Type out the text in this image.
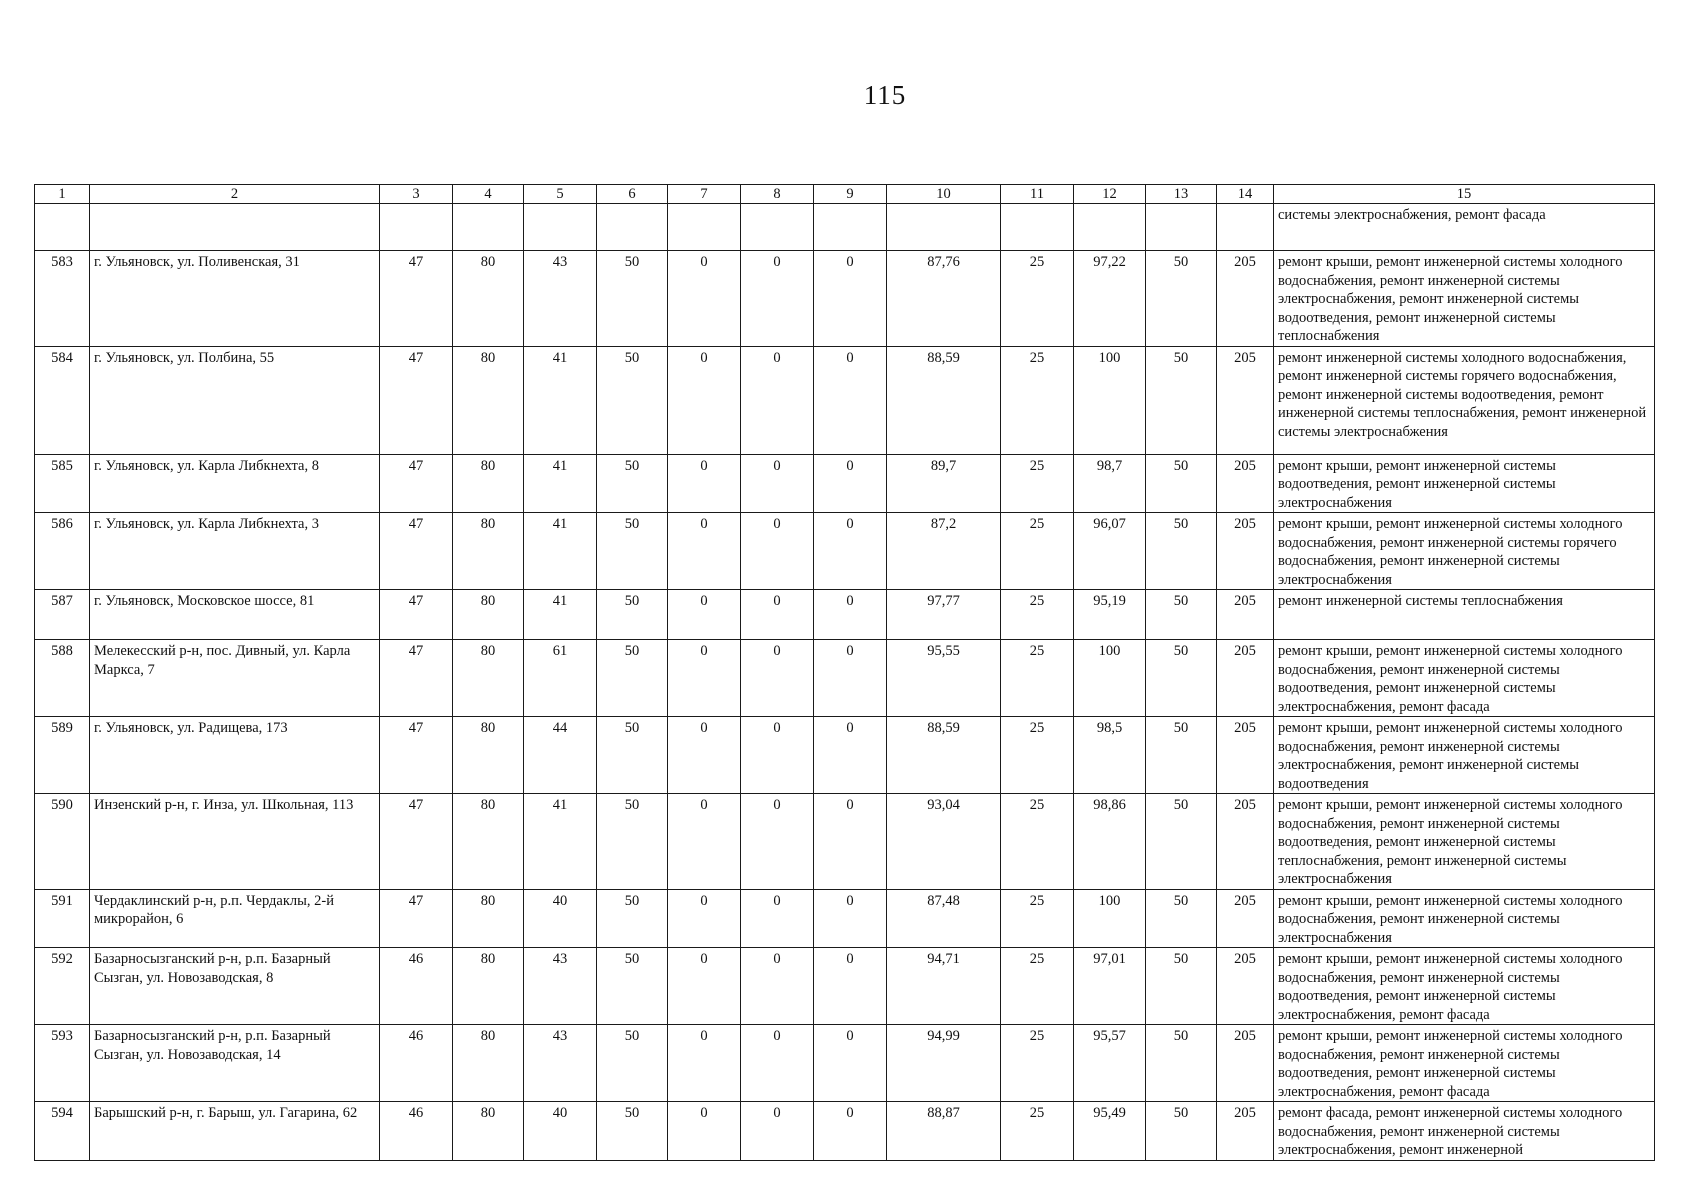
115
1	2	3	4	5	6	7	8	9	10	11	12	13	14	15
														системы электроснабжения, ремонт фасада
583	г. Ульяновск, ул. Поливенская, 31	47	80	43	50	0	0	0	87,76	25	97,22	50	205	ремонт крыши, ремонт инженерной системы холодного водоснабжения, ремонт инженерной системы электроснабжения, ремонт инженерной системы водоотведения, ремонт инженерной системы теплоснабжения
584	г. Ульяновск, ул. Полбина, 55	47	80	41	50	0	0	0	88,59	25	100	50	205	ремонт инженерной системы холодного водоснабжения, ремонт инженерной системы горячего водоснабжения, ремонт инженерной системы водоотведения, ремонт инженерной системы теплоснабжения, ремонт инженерной системы электроснабжения
585	г. Ульяновск, ул. Карла Либкнехта, 8	47	80	41	50	0	0	0	89,7	25	98,7	50	205	ремонт крыши, ремонт инженерной системы водоотведения, ремонт инженерной системы электроснабжения
586	г. Ульяновск, ул. Карла Либкнехта, 3	47	80	41	50	0	0	0	87,2	25	96,07	50	205	ремонт крыши, ремонт инженерной системы холодного водоснабжения, ремонт инженерной системы горячего водоснабжения, ремонт инженерной системы электроснабжения
587	г. Ульяновск, Московское шоссе, 81	47	80	41	50	0	0	0	97,77	25	95,19	50	205	ремонт инженерной системы теплоснабжения
588	Мелекесский р-н, пос. Дивный, ул. Карла Маркса, 7	47	80	61	50	0	0	0	95,55	25	100	50	205	ремонт крыши, ремонт инженерной системы холодного водоснабжения, ремонт инженерной системы водоотведения, ремонт инженерной системы электроснабжения, ремонт фасада
589	г. Ульяновск, ул. Радищева, 173	47	80	44	50	0	0	0	88,59	25	98,5	50	205	ремонт крыши, ремонт инженерной системы холодного водоснабжения, ремонт инженерной системы электроснабжения, ремонт инженерной системы водоотведения
590	Инзенский р-н, г. Инза, ул. Школьная, 113	47	80	41	50	0	0	0	93,04	25	98,86	50	205	ремонт крыши, ремонт инженерной системы холодного водоснабжения, ремонт инженерной системы водоотведения, ремонт инженерной системы теплоснабжения, ремонт инженерной системы электроснабжения
591	Чердаклинский р-н, р.п. Чердаклы, 2-й микрорайон, 6	47	80	40	50	0	0	0	87,48	25	100	50	205	ремонт крыши, ремонт инженерной системы холодного водоснабжения, ремонт инженерной системы электроснабжения
592	Базарносызганский р-н, р.п. Базарный Сызган, ул. Новозаводская, 8	46	80	43	50	0	0	0	94,71	25	97,01	50	205	ремонт крыши, ремонт инженерной системы холодного водоснабжения, ремонт инженерной системы водоотведения, ремонт инженерной системы электроснабжения, ремонт фасада
593	Базарносызганский р-н, р.п. Базарный Сызган, ул. Новозаводская, 14	46	80	43	50	0	0	0	94,99	25	95,57	50	205	ремонт крыши, ремонт инженерной системы холодного водоснабжения, ремонт инженерной системы водоотведения, ремонт инженерной системы электроснабжения, ремонт фасада
594	Барышский р-н, г. Барыш, ул. Гагарина, 62	46	80	40	50	0	0	0	88,87	25	95,49	50	205	ремонт фасада, ремонт инженерной системы холодного водоснабжения, ремонт инженерной системы электроснабжения, ремонт инженерной
